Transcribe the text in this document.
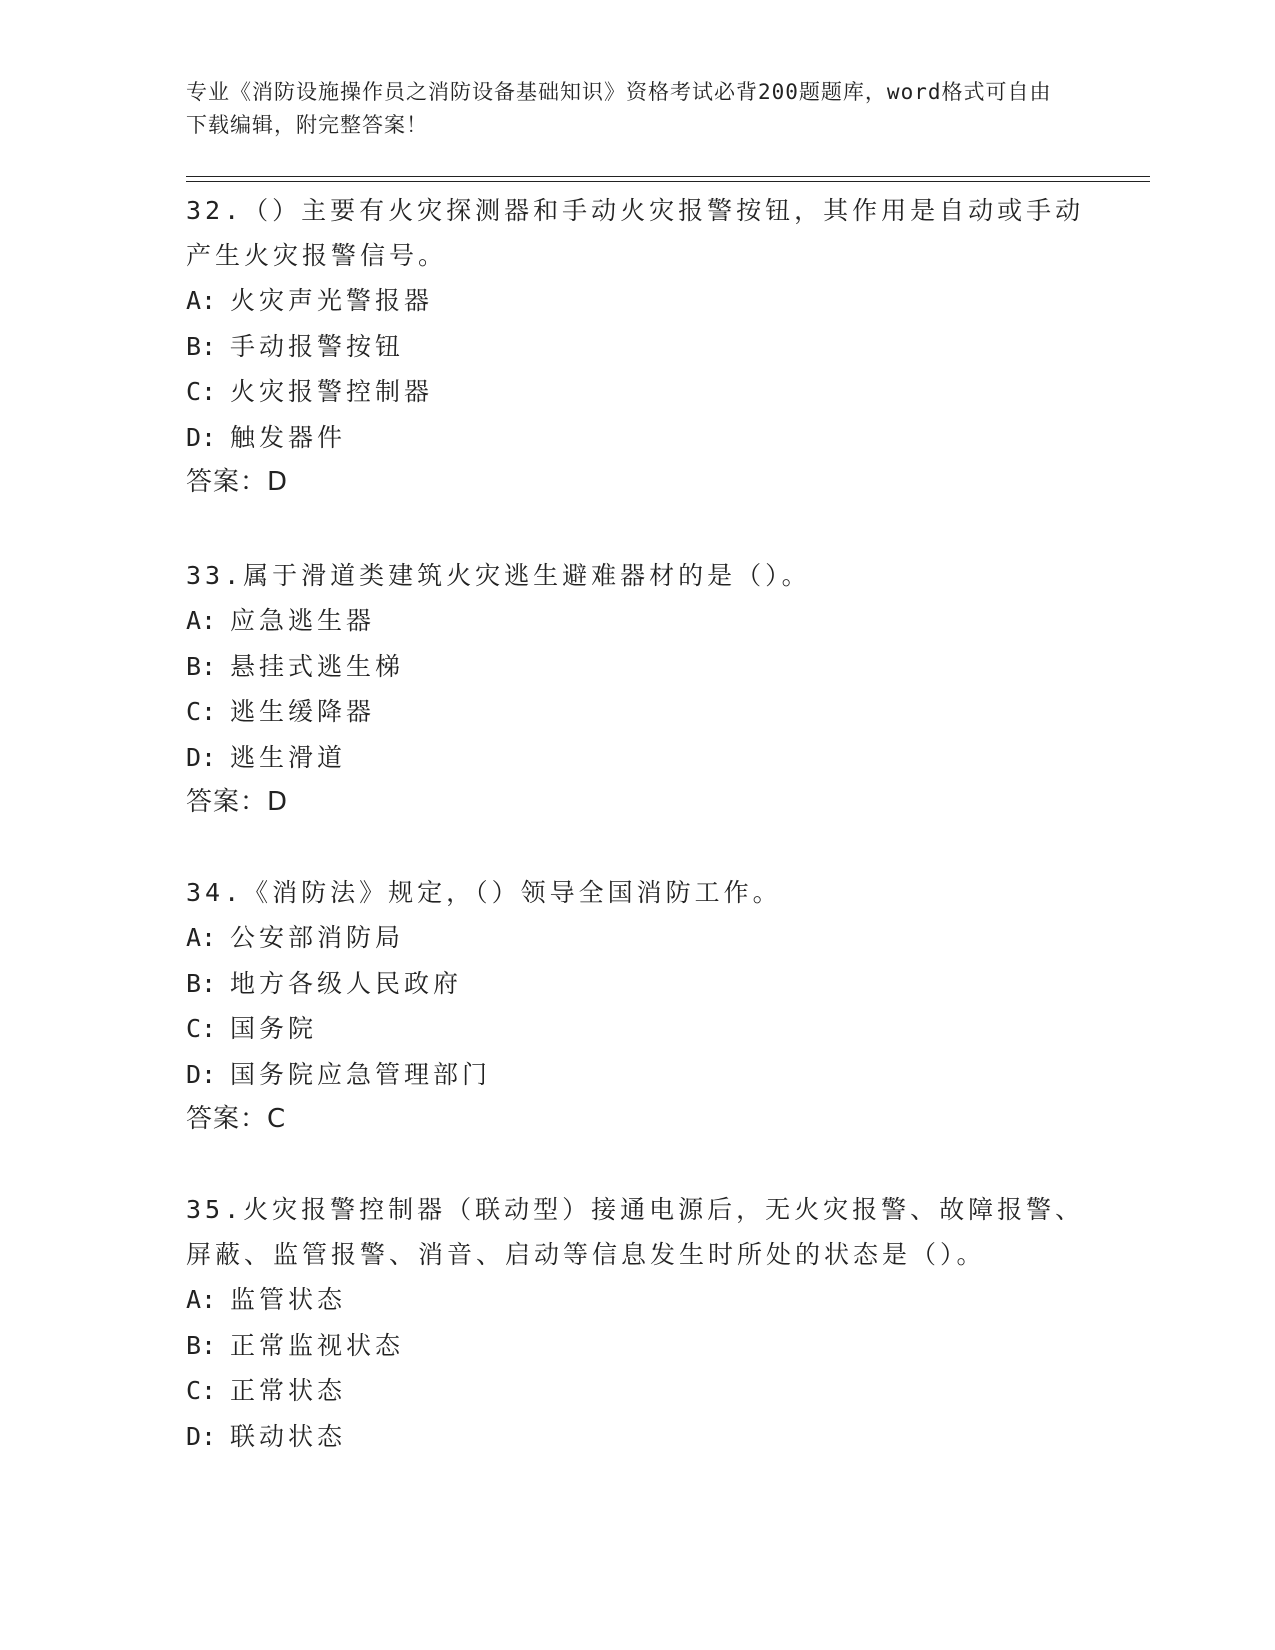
专业《消防设施操作员之消防设备基础知识》资格考试必背200题题库，word格式可自由下载编辑，附完整答案！

32.（）主要有火灾探测器和手动火灾报警按钮，其作用是自动或手动产生火灾报警信号。

A: 火灾声光警报器
B: 手动报警按钮
C: 火灾报警控制器
D: 触发器件

答案：D

33.属于滑道类建筑火灾逃生避难器材的是（）。

A: 应急逃生器
B: 悬挂式逃生梯
C: 逃生缓降器
D: 逃生滑道

答案：D

34.《消防法》规定，（）领导全国消防工作。

A: 公安部消防局
B: 地方各级人民政府
C: 国务院
D: 国务院应急管理部门

答案：C

35.火灾报警控制器（联动型）接通电源后，无火灾报警、故障报警、屏蔽、监管报警、消音、启动等信息发生时所处的状态是（）。

A: 监管状态
B: 正常监视状态
C: 正常状态
D: 联动状态
